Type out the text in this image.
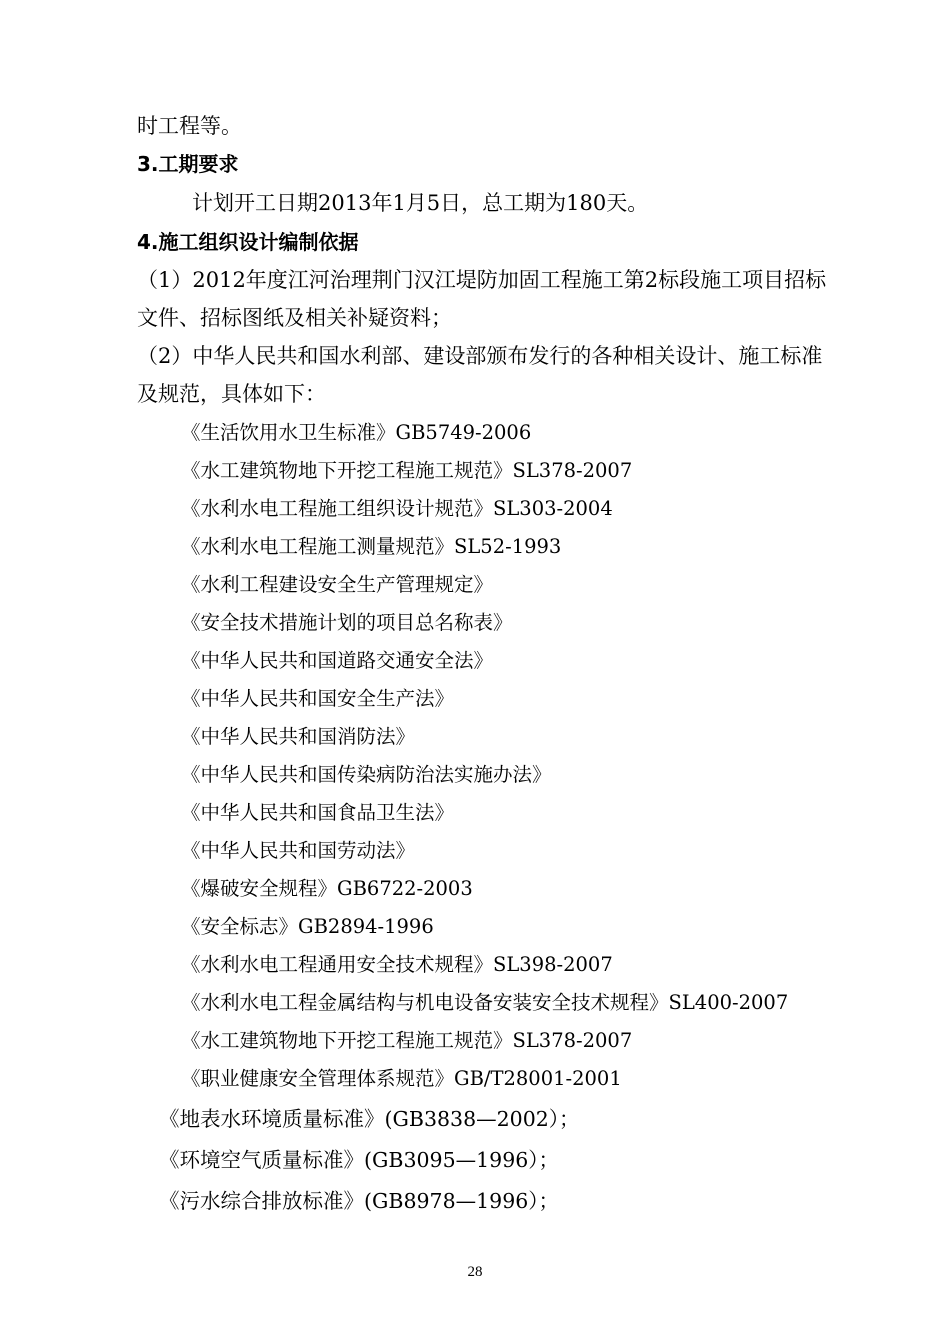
时工程等。
3.工期要求
计划开工日期2013年1月5日，总工期为180天。
4.施工组织设计编制依据
（1）2012年度江河治理荆门汉江堤防加固工程施工第2标段施工项目招标
文件、招标图纸及相关补疑资料；
（2）中华人民共和国水利部、建设部颁布发行的各种相关设计、施工标准
及规范，具体如下：
《生活饮用水卫生标准》GB5749-2006
《水工建筑物地下开挖工程施工规范》SL378-2007
《水利水电工程施工组织设计规范》SL303-2004
《水利水电工程施工测量规范》SL52-1993
《水利工程建设安全生产管理规定》
《安全技术措施计划的项目总名称表》
《中华人民共和国道路交通安全法》
《中华人民共和国安全生产法》
《中华人民共和国消防法》
《中华人民共和国传染病防治法实施办法》
《中华人民共和国食品卫生法》
《中华人民共和国劳动法》
《爆破安全规程》GB6722-2003
《安全标志》GB2894-1996
《水利水电工程通用安全技术规程》SL398-2007
《水利水电工程金属结构与机电设备安装安全技术规程》SL400-2007
《水工建筑物地下开挖工程施工规范》SL378-2007
《职业健康安全管理体系规范》GB/T28001-2001
《地表水环境质量标准》(GB3838—2002）；
《环境空气质量标准》(GB3095—1996）；
《污水综合排放标准》(GB8978—1996）；
28
